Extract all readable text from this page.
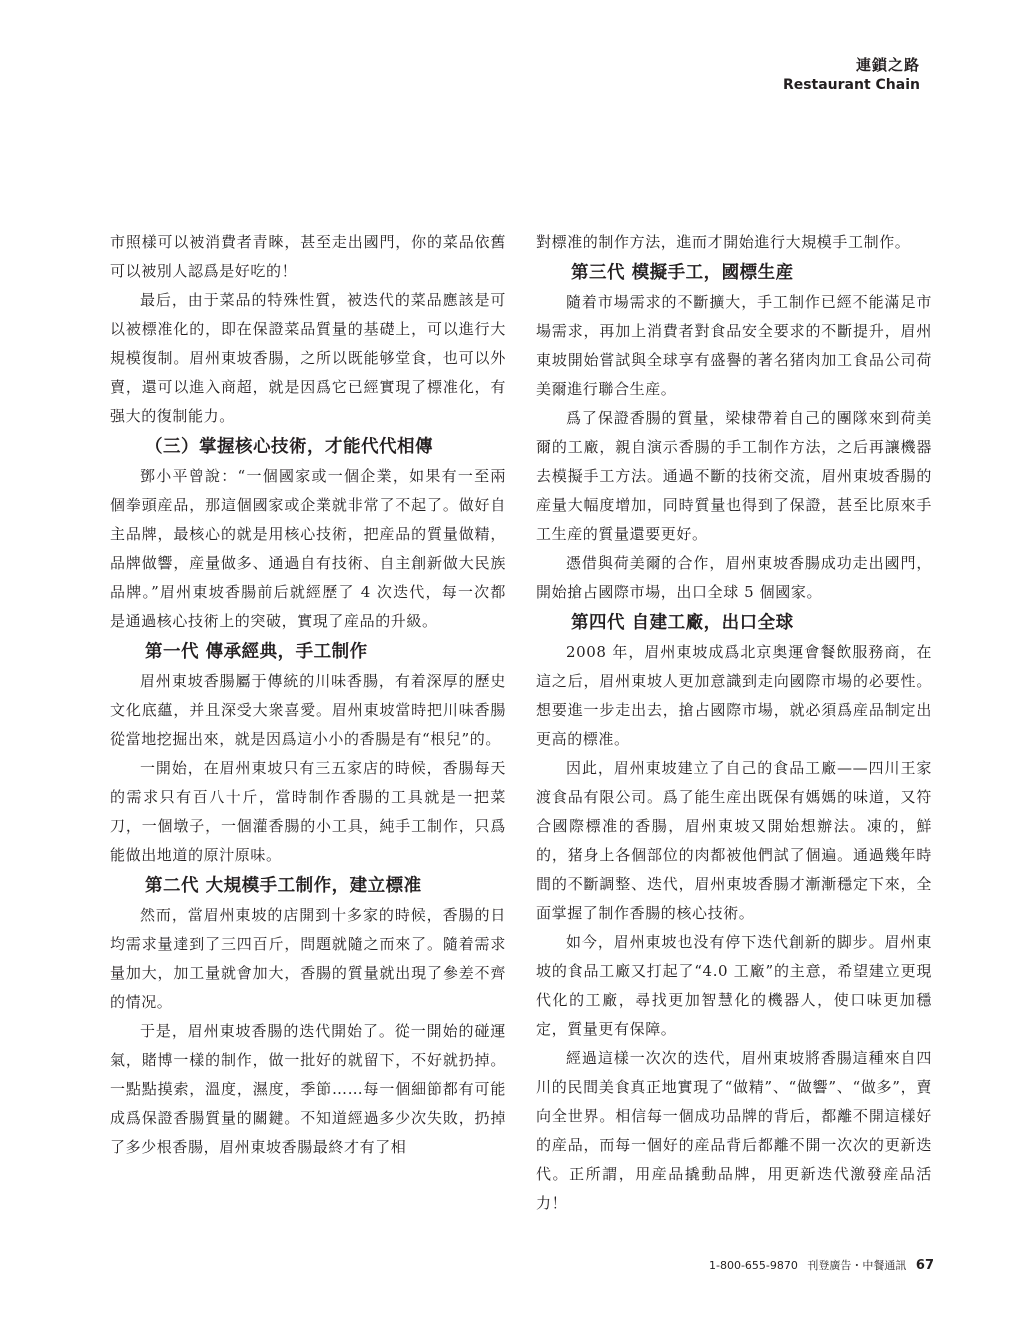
連鎖之路
Restaurant Chain

市照樣可以被消費者青睞，甚至走出國門，你的菜品依舊可以被別人認爲是好吃的！

最后，由于菜品的特殊性質，被迭代的菜品應該是可以被標准化的，即在保證菜品質量的基礎上，可以進行大規模復制。眉州東坡香腸，之所以既能够堂食，也可以外賣，還可以進入商超，就是因爲它已經實現了標准化，有强大的復制能力。

（三）掌握核心技術，才能代代相傳

鄧小平曾說：“一個國家或一個企業，如果有一至兩個拳頭産品，那這個國家或企業就非常了不起了。做好自主品牌，最核心的就是用核心技術，把産品的質量做精，品牌做響，産量做多、通過自有技術、自主創新做大民族品牌。”眉州東坡香腸前后就經歷了 4 次迭代，每一次都是通過核心技術上的突破，實現了産品的升級。

第一代 傳承經典，手工制作

眉州東坡香腸屬于傳統的川味香腸，有着深厚的歷史文化底蘊，并且深受大衆喜愛。眉州東坡當時把川味香腸從當地挖掘出來，就是因爲這小小的香腸是有“根兒”的。

一開始，在眉州東坡只有三五家店的時候，香腸每天的需求只有百八十斤，當時制作香腸的工具就是一把菜刀，一個墩子，一個灌香腸的小工具，純手工制作，只爲能做出地道的原汁原味。

第二代 大規模手工制作，建立標准

然而，當眉州東坡的店開到十多家的時候，香腸的日均需求量達到了三四百斤，問題就隨之而來了。隨着需求量加大，加工量就會加大，香腸的質量就出現了參差不齊的情况。

于是，眉州東坡香腸的迭代開始了。從一開始的碰運氣，賭博一樣的制作，做一批好的就留下，不好就扔掉。一點點摸索，溫度，濕度，季節……每一個細節都有可能成爲保證香腸質量的關鍵。不知道經過多少次失敗，扔掉了多少根香腸，眉州東坡香腸最終才有了相

對標准的制作方法，進而才開始進行大規模手工制作。

第三代 模擬手工，國標生産

隨着市場需求的不斷擴大，手工制作已經不能滿足市場需求，再加上消費者對食品安全要求的不斷提升，眉州東坡開始嘗試與全球享有盛譽的著名猪肉加工食品公司荷美爾進行聯合生産。

爲了保證香腸的質量，梁棣帶着自己的團隊來到荷美爾的工廠，親自演示香腸的手工制作方法，之后再讓機器去模擬手工方法。通過不斷的技術交流，眉州東坡香腸的産量大幅度增加，同時質量也得到了保證，甚至比原來手工生産的質量還要更好。

憑借與荷美爾的合作，眉州東坡香腸成功走出國門，開始搶占國際市場，出口全球 5 個國家。

第四代 自建工廠，出口全球

2008 年，眉州東坡成爲北京奥運會餐飲服務商，在這之后，眉州東坡人更加意識到走向國際市場的必要性。想要進一步走出去，搶占國際市場，就必須爲産品制定出更高的標准。

因此，眉州東坡建立了自己的食品工廠——四川王家渡食品有限公司。爲了能生産出既保有媽媽的味道，又符合國際標准的香腸，眉州東坡又開始想辦法。凍的，鮮的，猪身上各個部位的肉都被他們試了個遍。通過幾年時間的不斷調整、迭代，眉州東坡香腸才漸漸穩定下來，全面掌握了制作香腸的核心技術。

如今，眉州東坡也没有停下迭代創新的脚步。眉州東坡的食品工廠又打起了“4.0 工廠”的主意，希望建立更現代化的工廠，尋找更加智慧化的機器人，使口味更加穩定，質量更有保障。

經過這樣一次次的迭代，眉州東坡將香腸這種來自四川的民間美食真正地實現了“做精”、“做響”、“做多”，賣向全世界。相信每一個成功品牌的背后，都離不開這樣好的産品，而每一個好的産品背后都離不開一次次的更新迭代。正所謂，用産品撬動品牌，用更新迭代激發産品活力！

1-800-655-9870 刊登廣告・中餐通訊 67
